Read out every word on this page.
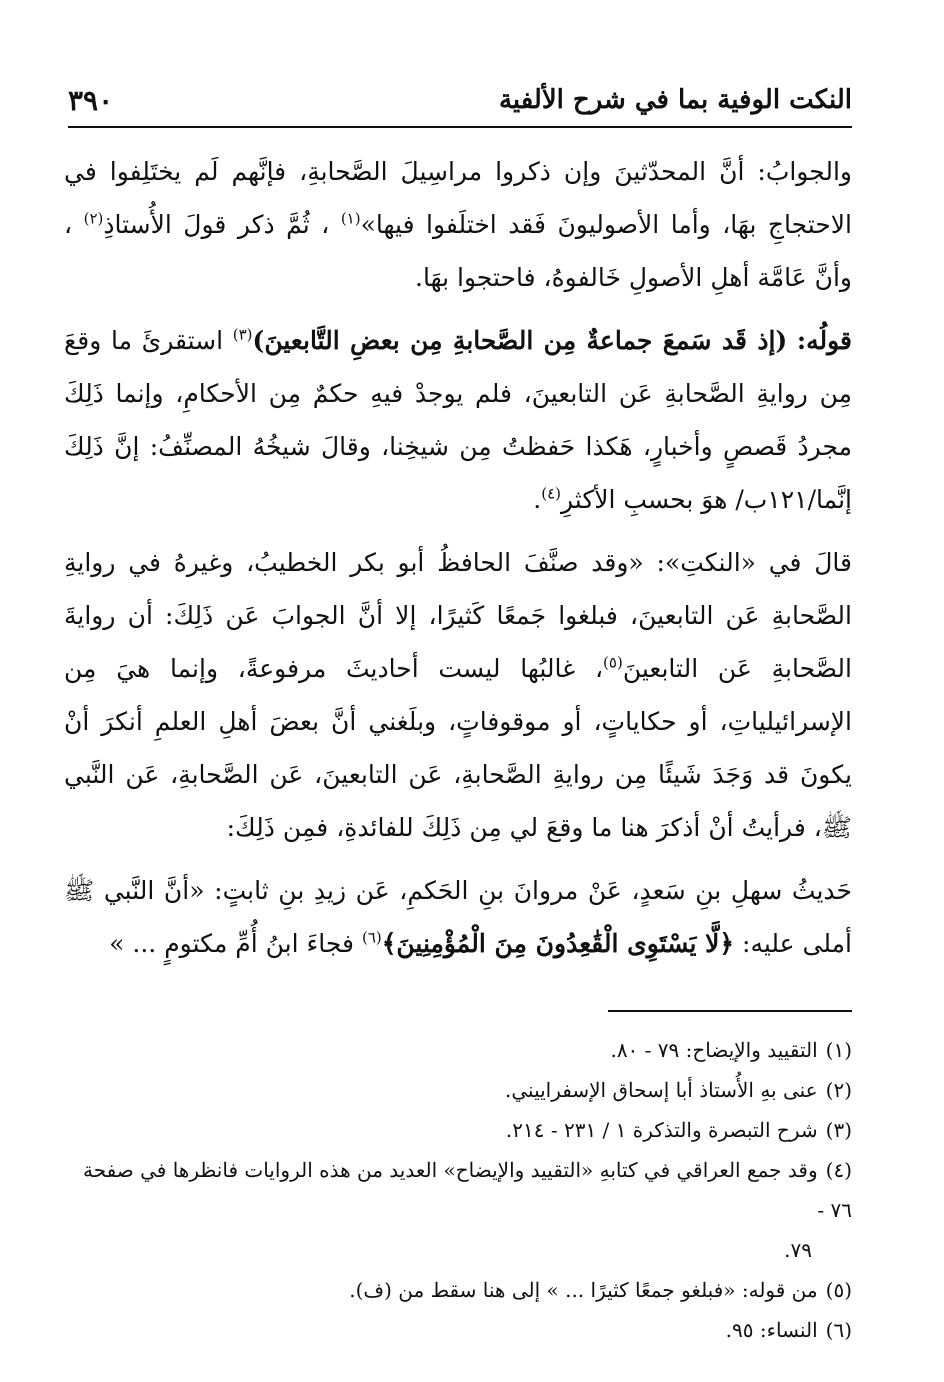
٣٩٠	النكت الوفية بما في شرح الألفية

والجوابُ: أنَّ المحدّثينَ وإن ذكروا مراسِيلَ الصَّحابةِ، فإنَّهم لَم يختَلِفوا في الاحتجاجِ بهَا، وأما الأصوليونَ فَقد اختلَفوا فيها»$^{(١)}$ ، ثُمَّ ذكر قولَ الأُستاذِ$^{(٢)}$ ، وأنَّ عَامَّة أهلِ الأصولِ خَالفوهُ، فاحتجوا بهَا.

قولُه: (إذ قَد سَمعَ جماعةٌ مِن الصَّحابةِ مِن بعضِ التَّابعينَ)$^{(٣)}$ استقرئَ ما وقعَ مِن روايةِ الصَّحابةِ عَن التابعينَ، فلم يوجدْ فيهِ حكمٌ مِن الأحكامِ، وإنما ذَلِكَ مجردُ قَصصٍ وأخبارٍ، هَكذا حَفظتُ مِن شيخِنا، وقالَ شيخُهُ المصنِّفُ: إنَّ ذَلِكَ إنَّما/١٢١ب/ هوَ بحسبِ الأكثرِ$^{(٤)}$.

قالَ في «النكتِ»: «وقد صنَّفَ الحافظُ أبو بكر الخطيبُ، وغيرهُ في روايةِ الصَّحابةِ عَن التابعينَ، فبلغوا جَمعًا كَثيرًا، إلا أنَّ الجوابَ عَن ذَلِكَ: أن روايةَ الصَّحابةِ عَن التابعينَ$^{(٥)}$، غالبُها ليست أحاديثَ مرفوعةً، وإنما هيَ مِن الإسرائيلياتِ، أو حكاياتٍ، أو موقوفاتٍ، وبلَغني أنَّ بعضَ أهلِ العلمِ أنكرَ أنْ يكونَ قد وَجَدَ شَيئًا مِن روايةِ الصَّحابةِ، عَن التابعينَ، عَن الصَّحابةِ، عَن النَّبي ﷺ، فرأيتُ أنْ أذكرَ هنا ما وقعَ لي مِن ذَلِكَ للفائدةِ، فمِن ذَلِكَ:

حَديثُ سهلِ بنِ سَعدٍ، عَنْ مروانَ بنِ الحَكمِ، عَن زيدِ بنِ ثابتٍ: «أنَّ النَّبي ﷺ أملى عليه: ﴿لَّا يَسْتَوِى الْقَٰعِدُونَ مِنَ الْمُؤْمِنِينَ﴾$^{(٦)}$ فجاءَ ابنُ أُمِّ مكتومٍ ... »

(١)التقييد والإيضاح: ٧٩ - ٨٠.

(٢)عنى بهِ الأُستاذ أبا إسحاق الإسفراييني.

(٣)شرح التبصرة والتذكرة ١ / ٢٣١ - ٢١٤.

(٤)وقد جمع العراقي في كتابهِ «التقييد والإيضاح» العديد من هذه الروايات فانظرها في صفحة ٧٦ -

٧٩.

(٥)من قوله: «فبلغو جمعًا كثيرًا ... » إلى هنا سقط من (ف).

(٦)النساء: ٩٥.
